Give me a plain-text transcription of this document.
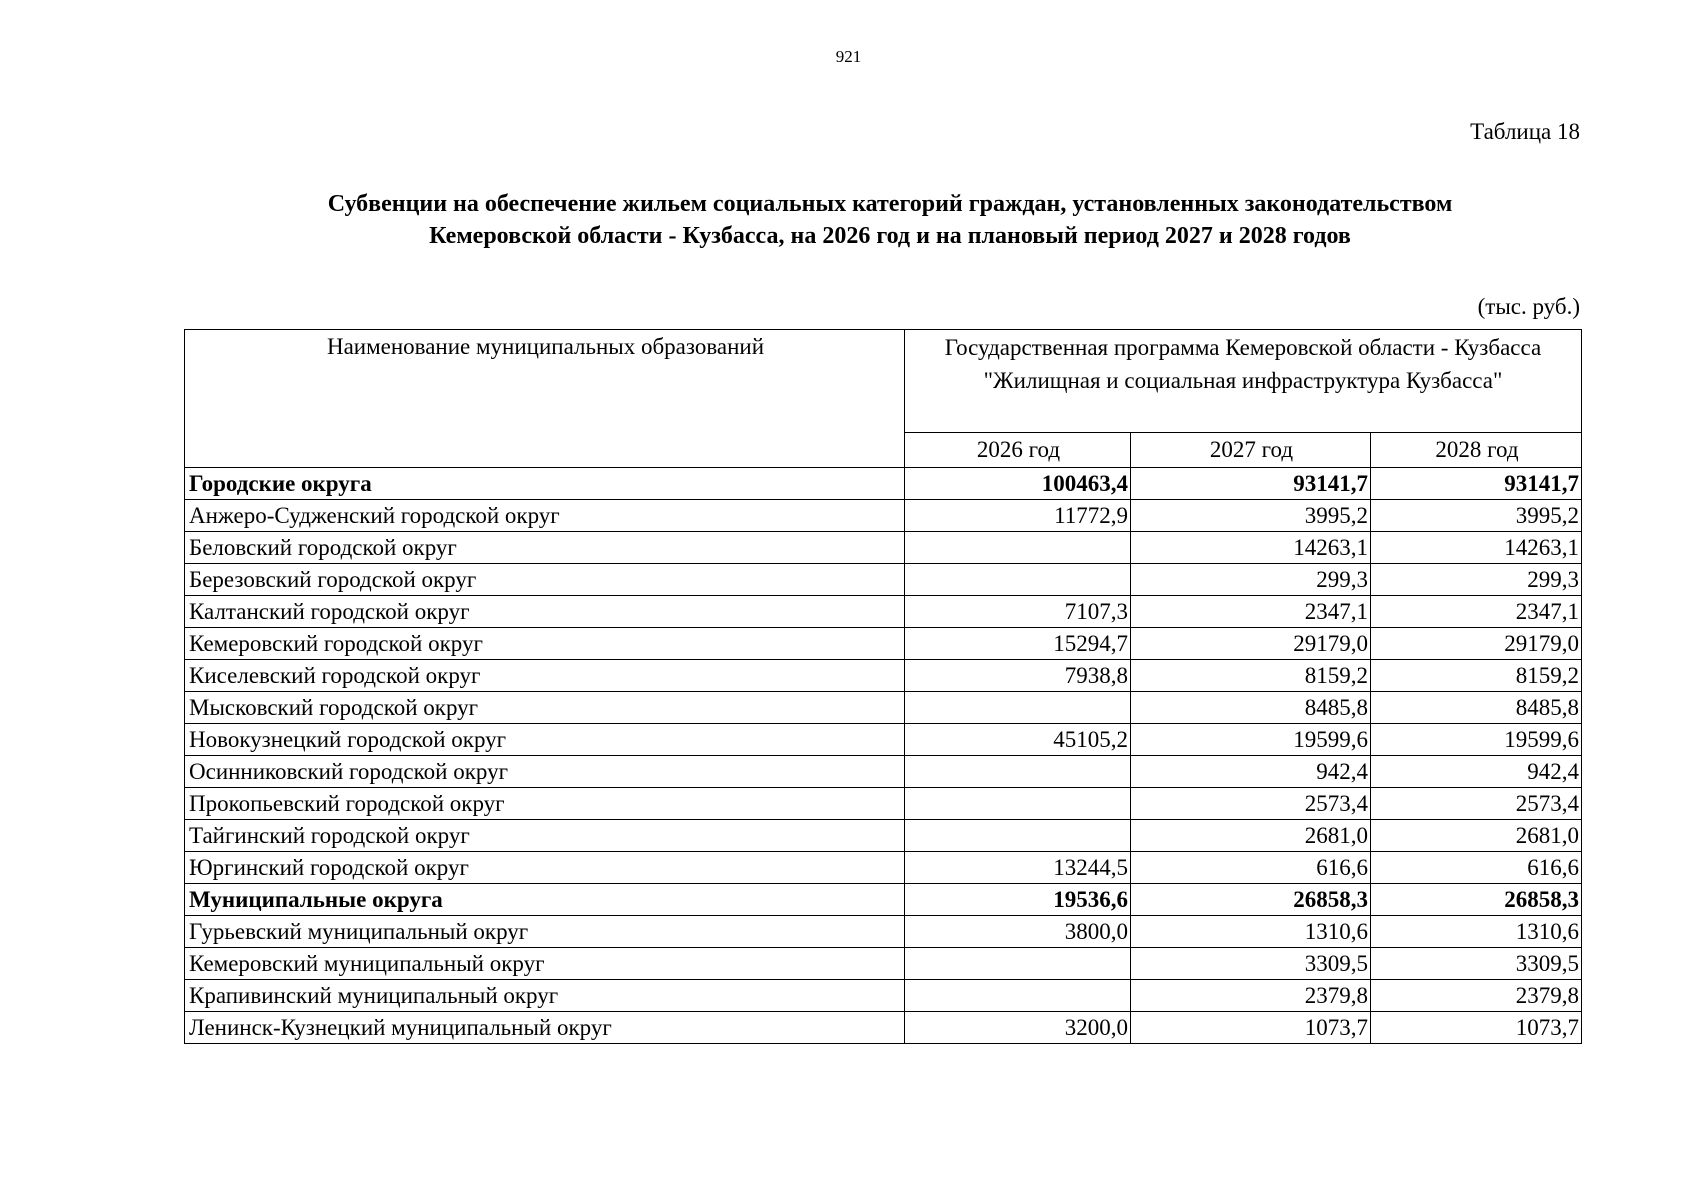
921
Таблица 18
Субвенции на обеспечение жильем социальных категорий граждан, установленных законодательством
Кемеровской области - Кузбасса, на 2026 год и на плановый период 2027 и 2028 годов
(тыс. руб.)
Наименование муниципальных образований	Государственная программа Кемеровской области - Кузбасса "Жилищная и социальная инфраструктура Кузбасса"		
	2026 год	2027 год	2028 год
Городские округа	100463,4	93141,7	93141,7
Анжеро-Судженский городской округ	11772,9	3995,2	3995,2
Беловский городской округ		14263,1	14263,1
Березовский городской округ		299,3	299,3
Калтанский городской округ	7107,3	2347,1	2347,1
Кемеровский городской округ	15294,7	29179,0	29179,0
Киселевский городской округ	7938,8	8159,2	8159,2
Мысковский городской округ		8485,8	8485,8
Новокузнецкий городской округ	45105,2	19599,6	19599,6
Осинниковский городской округ		942,4	942,4
Прокопьевский городской округ		2573,4	2573,4
Тайгинский городской округ		2681,0	2681,0
Юргинский городской округ	13244,5	616,6	616,6
Муниципальные округа	19536,6	26858,3	26858,3
Гурьевский муниципальный округ	3800,0	1310,6	1310,6
Кемеровский муниципальный округ		3309,5	3309,5
Крапивинский муниципальный округ		2379,8	2379,8
Ленинск-Кузнецкий муниципальный округ	3200,0	1073,7	1073,7
